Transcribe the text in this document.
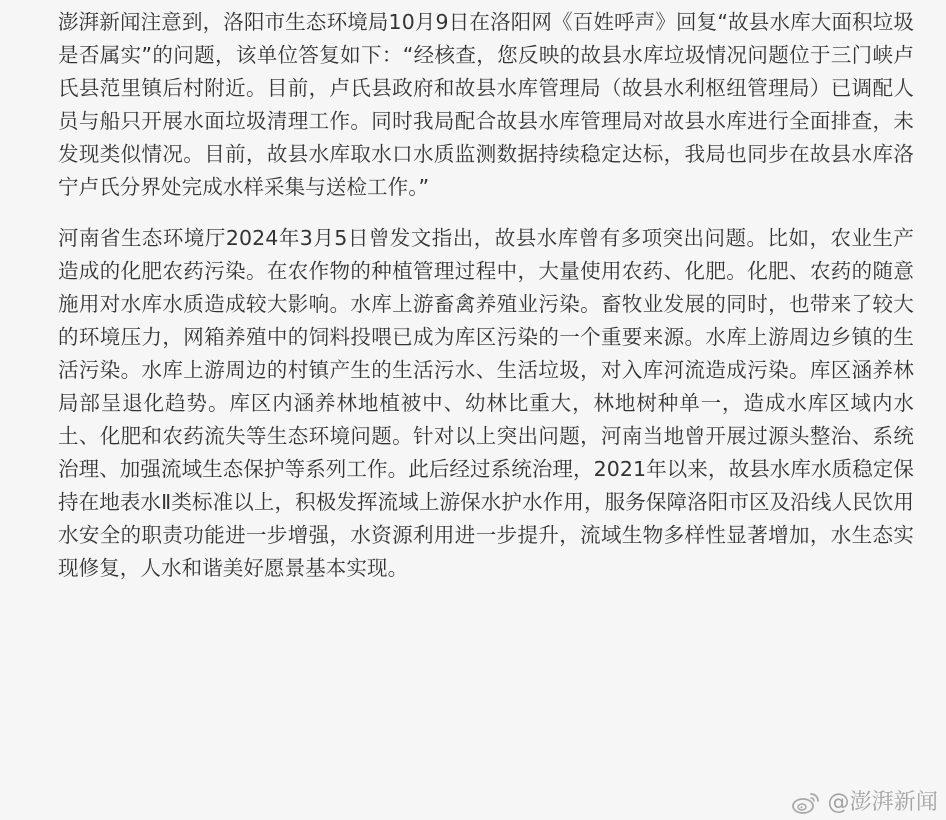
澎湃新闻注意到，洛阳市生态环境局10月9日在洛阳网《百姓呼声》回复“故县水库大面积垃圾是否属实”的问题，该单位答复如下：“经核查，您反映的故县水库垃圾情况问题位于三门峡卢氏县范里镇后村附近。目前，卢氏县政府和故县水库管理局（故县水利枢纽管理局）已调配人员与船只开展水面垃圾清理工作。同时我局配合故县水库管理局对故县水库进行全面排查，未发现类似情况。目前，故县水库取水口水质监测数据持续稳定达标，我局也同步在故县水库洛宁卢氏分界处完成水样采集与送检工作。”

河南省生态环境厅2024年3月5日曾发文指出，故县水库曾有多项突出问题。比如，农业生产造成的化肥农药污染。在农作物的种植管理过程中，大量使用农药、化肥。化肥、农药的随意施用对水库水质造成较大影响。水库上游畜禽养殖业污染。畜牧业发展的同时，也带来了较大的环境压力，网箱养殖中的饲料投喂已成为库区污染的一个重要来源。水库上游周边乡镇的生活污染。水库上游周边的村镇产生的生活污水、生活垃圾，对入库河流造成污染。库区涵养林局部呈退化趋势。库区内涵养林地植被中、幼林比重大，林地树种单一，造成水库区域内水土、化肥和农药流失等生态环境问题。针对以上突出问题，河南当地曾开展过源头整治、系统治理、加强流域生态保护等系列工作。此后经过系统治理，2021年以来，故县水库水质稳定保持在地表水Ⅱ类标准以上，积极发挥流域上游保水护水作用，服务保障洛阳市区及沿线人民饮用水安全的职责功能进一步增强，水资源利用进一步提升，流域生物多样性显著增加，水生态实现修复，人水和谐美好愿景基本实现。

@澎湃新闻
